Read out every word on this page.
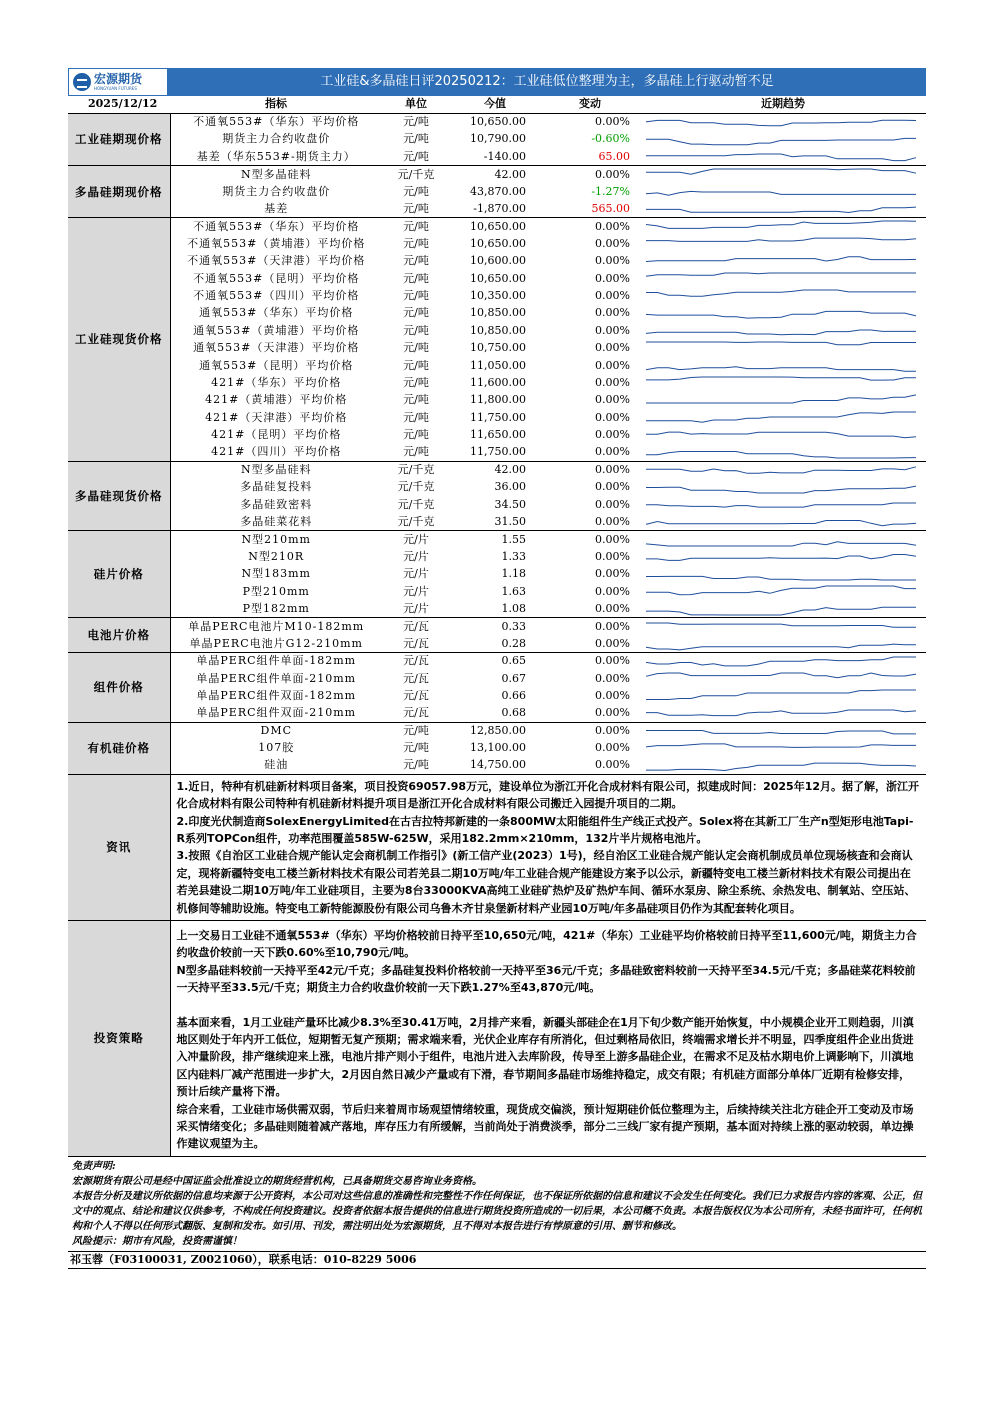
宏源期货
HONGYUAN FUTURES	工业硅&多晶硅日评20250212：工业硅低位整理为主，多晶硅上行驱动暂不足
2025/12/12	指标	单位	今值	变动	近期趋势
工业硅期现价格	不通氧553#（华东）平均价格	元/吨	10,650.00	0.00%	

	期货主力合约收盘价	元/吨	10,790.00	-0.60%	

	基差（华东553#-期货主力）	元/吨	-140.00	65.00	

多晶硅期现价格	N型多晶硅料	元/千克	42.00	0.00%	

	期货主力合约收盘价	元/吨	43,870.00	-1.27%	

	基差	元/吨	-1,870.00	565.00	

工业硅现货价格	不通氧553#（华东）平均价格	元/吨	10,650.00	0.00%	

	不通氧553#（黄埔港）平均价格	元/吨	10,650.00	0.00%	

	不通氧553#（天津港）平均价格	元/吨	10,600.00	0.00%	

	不通氧553#（昆明）平均价格	元/吨	10,650.00	0.00%	

	不通氧553#（四川）平均价格	元/吨	10,350.00	0.00%	

	通氧553#（华东）平均价格	元/吨	10,850.00	0.00%	

	通氧553#（黄埔港）平均价格	元/吨	10,850.00	0.00%	

	通氧553#（天津港）平均价格	元/吨	10,750.00	0.00%	

	通氧553#（昆明）平均价格	元/吨	11,050.00	0.00%	

	421#（华东）平均价格	元/吨	11,600.00	0.00%	

	421#（黄埔港）平均价格	元/吨	11,800.00	0.00%	

	421#（天津港）平均价格	元/吨	11,750.00	0.00%	

	421#（昆明）平均价格	元/吨	11,650.00	0.00%	

	421#（四川）平均价格	元/吨	11,750.00	0.00%	

多晶硅现货价格	N型多晶硅料	元/千克	42.00	0.00%	

	多晶硅复投料	元/千克	36.00	0.00%	

	多晶硅致密料	元/千克	34.50	0.00%	

	多晶硅菜花料	元/千克	31.50	0.00%	

硅片价格	N型210mm	元/片	1.55	0.00%	

	N型210R	元/片	1.33	0.00%	

	N型183mm	元/片	1.18	0.00%	

	P型210mm	元/片	1.63	0.00%	

	P型182mm	元/片	1.08	0.00%	

电池片价格	单晶PERC电池片M10-182mm	元/瓦	0.33	0.00%	

	单晶PERC电池片G12-210mm	元/瓦	0.28	0.00%	

组件价格	单晶PERC组件单面-182mm	元/瓦	0.65	0.00%	

	单晶PERC组件单面-210mm	元/瓦	0.67	0.00%	

	单晶PERC组件双面-182mm	元/瓦	0.66	0.00%	

	单晶PERC组件双面-210mm	元/瓦	0.68	0.00%	

有机硅价格	DMC	元/吨	12,850.00	0.00%	

	107胶	元/吨	13,100.00	0.00%	

	硅油	元/吨	14,750.00	0.00%	
资讯	1.近日，特种有机硅新材料项目备案，项目投资69057.98万元，建设单位为浙江开化合成材料有限公司，拟建成时间：2025年12月。据了解，浙江开化合成材料有限公司特种有机硅新材料提升项目是浙江开化合成材料有限公司搬迁入园提升项目的二期。

2.印度光伏制造商SolexEnergyLimited在古吉拉特邦新建的一条800MW太阳能组件生产线正式投产。Solex将在其新工厂生产n型矩形电池Tapi-R系列TOPCon组件，功率范围覆盖585W-625W，采用182.2mm×210mm，132片半片规格电池片。

3.按照《自治区工业硅合规产能认定会商机制工作指引》(新工信产业(2023）1号)，经自治区工业硅合规产能认定会商机制成员单位现场核查和会商认定，现将新疆特变电工楼兰新材料技术有限公司若羌县二期10万吨/年工业硅合规产能建设方案予以公示，新疆特变电工楼兰新材料技术有限公司提出在若羌县建设二期10万吨/年工业硅项目，主要为8台33000KVA高纯工业硅矿热炉及矿热炉车间、循环水泵房、除尘系统、余热发电、制氧站、空压站、机修间等辅助设施。特变电工新特能源股份有限公司乌鲁木齐甘泉堡新材料产业园10万吨/年多晶硅项目仍作为其配套转化项目。

投资策略	上一交易日工业硅不通氧553#（华东）平均价格较前日持平至10,650元/吨，421#（华东）工业硅平均价格较前日持平至11,600元/吨，期货主力合约收盘价较前一天下跌0.60%至10,790元/吨。

N型多晶硅料较前一天持平至42元/千克；多晶硅复投料价格较前一天持平至36元/千克；多晶硅致密料较前一天持平至34.5元/千克；多晶硅菜花料较前一天持平至33.5元/千克；期货主力合约收盘价较前一天下跌1.27%至43,870元/吨。

基本面来看，1月工业硅产量环比减少8.3%至30.41万吨，2月排产来看，新疆头部硅企在1月下旬少数产能开始恢复，中小规模企业开工则趋弱，川滇地区则处于年内开工低位，短期暂无复产预期；需求端来看，光伏企业库存有所消化，但过剩格局依旧，终端需求增长并不明显，四季度组件企业出货进入冲量阶段，排产继续迎来上涨，电池片排产则小于组件，电池片进入去库阶段，传导至上游多晶硅企业，在需求不足及枯水期电价上调影响下，川滇地区内硅料厂减产范围进一步扩大，2月因自然日减少产量或有下滑，春节期间多晶硅市场维持稳定，成交有限；有机硅方面部分单体厂近期有检修安排，预计后续产量将下滑。

综合来看，工业硅市场供需双弱，节后归来着周市场观望情绪较重，现货成交偏淡，预计短期硅价低位整理为主，后续持续关注北方硅企开工变动及市场采买情绪变化；多晶硅则随着减产落地，库存压力有所缓解，当前尚处于消费淡季，部分二三线厂家有提产预期，基本面对持续上涨的驱动较弱，单边操作建议观望为主。

免责声明:
宏源期货有限公司是经中国证监会批准设立的期货经营机构，已具备期货交易咨询业务资格。
本报告分析及建议所依据的信息均来源于公开资料，本公司对这些信息的准确性和完整性不作任何保证，也不保证所依据的信息和建议不会发生任何变化。我们已力求报告内容的客观、公正，但文中的观点、结论和建议仅供参考，不构成任何投资建议。投资者依据本报告提供的信息进行期货投资所造成的一切后果，本公司概不负责。本报告版权仅为本公司所有，未经书面许可，任何机构和个人不得以任何形式翻版、复制和发布。如引用、刊发，需注明出处为宏源期货，且不得对本报告进行有悖原意的引用、删节和修改。
风险提示：期市有风险，投资需谨慎！
祁玉蓉（F03100031, Z0021060），联系电话：010-8229 5006
